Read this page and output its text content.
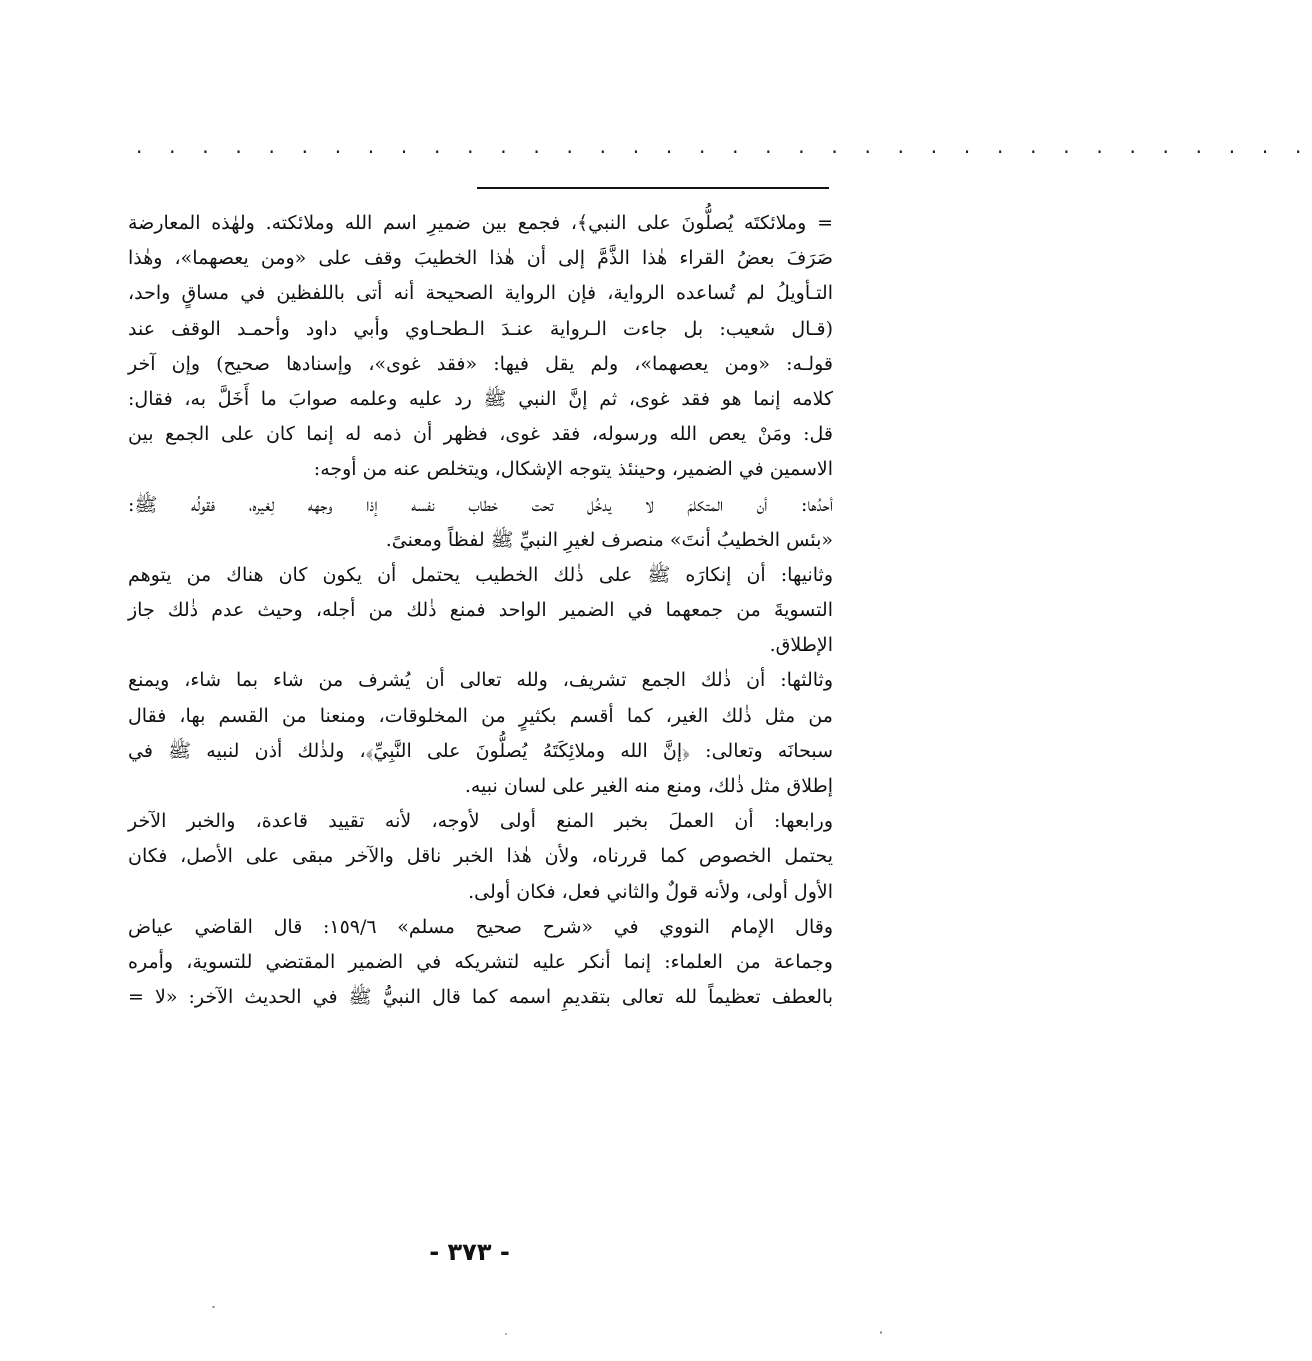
. . . . . . . . . . . . . . . . . . . . . . . . . . . . . . . . . . . .
= وملائكتَه يُصلُّونَ على النبي﴾، فجمع بين ضميرِ اسم الله وملائكته. ولهٰذه المعارضة
صَرَفَ بعضُ القراء هٰذا الذَّمَّ إلى أن هٰذا الخطيبَ وقف على «ومن يعصهما»، وهٰذا
التـأويلُ لم تُساعده الرواية، فإن الرواية الصحيحة أنه أتى باللفظين في مساقٍ واحد،
(قـال شعيب: بل جاءت الـرواية عنـدَ الـطحـاوي وأبي داود وأحمـد الوقف عند
قولـه: «ومن يعصهما»، ولم يقل فيها: «فقد غوى»، وإسنادها صحيح) وإن آخر
كلامه إنما هو فقد غوى، ثم إنَّ النبي ﷺ رد عليه وعلمه صوابَ ما أَخَلَّ به، فقال:
قل: ومَنْ يعص الله ورسوله، فقد غوى، فظهر أن ذمه له إنما كان على الجمع بين
الاسمين في الضمير، وحينئذ يتوجه الإشكال، ويتخلص عنه من أوجه:
أحدُها: أن المتكلمَ لا يدخُل تحت خطاب نفسه إذا وجهه لِغيره، فقولُه ﷺ:
«بئس الخطيبُ أنتَ» منصرف لغيرِ النبيِّ ﷺ لفظاً ومعنىً.
وثانيها: أن إنكارَه ﷺ على ذٰلك الخطيب يحتمل أن يكون كان هناك من يتوهم
التسويةَ من جمعهما في الضمير الواحد فمنع ذٰلك من أجله، وحيث عدم ذٰلك جاز
الإطلاق.
وثالثها: أن ذٰلك الجمع تشريف، ولله تعالى أن يُشرف من شاء بما شاء، ويمنع
من مثل ذٰلك الغير، كما أقسم بكثيرٍ من المخلوقات، ومنعنا من القسم بها، فقال
سبحانَه وتعالى: ﴿إنَّ الله وملائِكَتَهُ يُصلُّونَ على النَّبِيِّ﴾، ولذٰلك أذن لنبيه ﷺ في
إطلاق مثل ذٰلك، ومنع منه الغير على لسان نبيه.
ورابعها: أن العملَ بخبر المنع أولى لأوجه، لأنه تقييد قاعدة، والخبر الآخر
يحتمل الخصوص كما قررناه، ولأن هٰذا الخبر ناقل والآخر مبقى على الأصل، فكان
الأول أولى، ولأنه قولٌ والثاني فعل، فكان أولى.
وقال الإمام النووي في «شرح صحيح مسلم» ١٥٩/٦: قال القاضي عياض
وجماعة من العلماء: إنما أنكر عليه لتشريكه في الضمير المقتضي للتسوية، وأمره
بالعطف تعظيماً لله تعالى بتقديمِ اسمه كما قال النبيُّ ﷺ في الحديث الآخر: «لا =
- ٣٧٣ -
